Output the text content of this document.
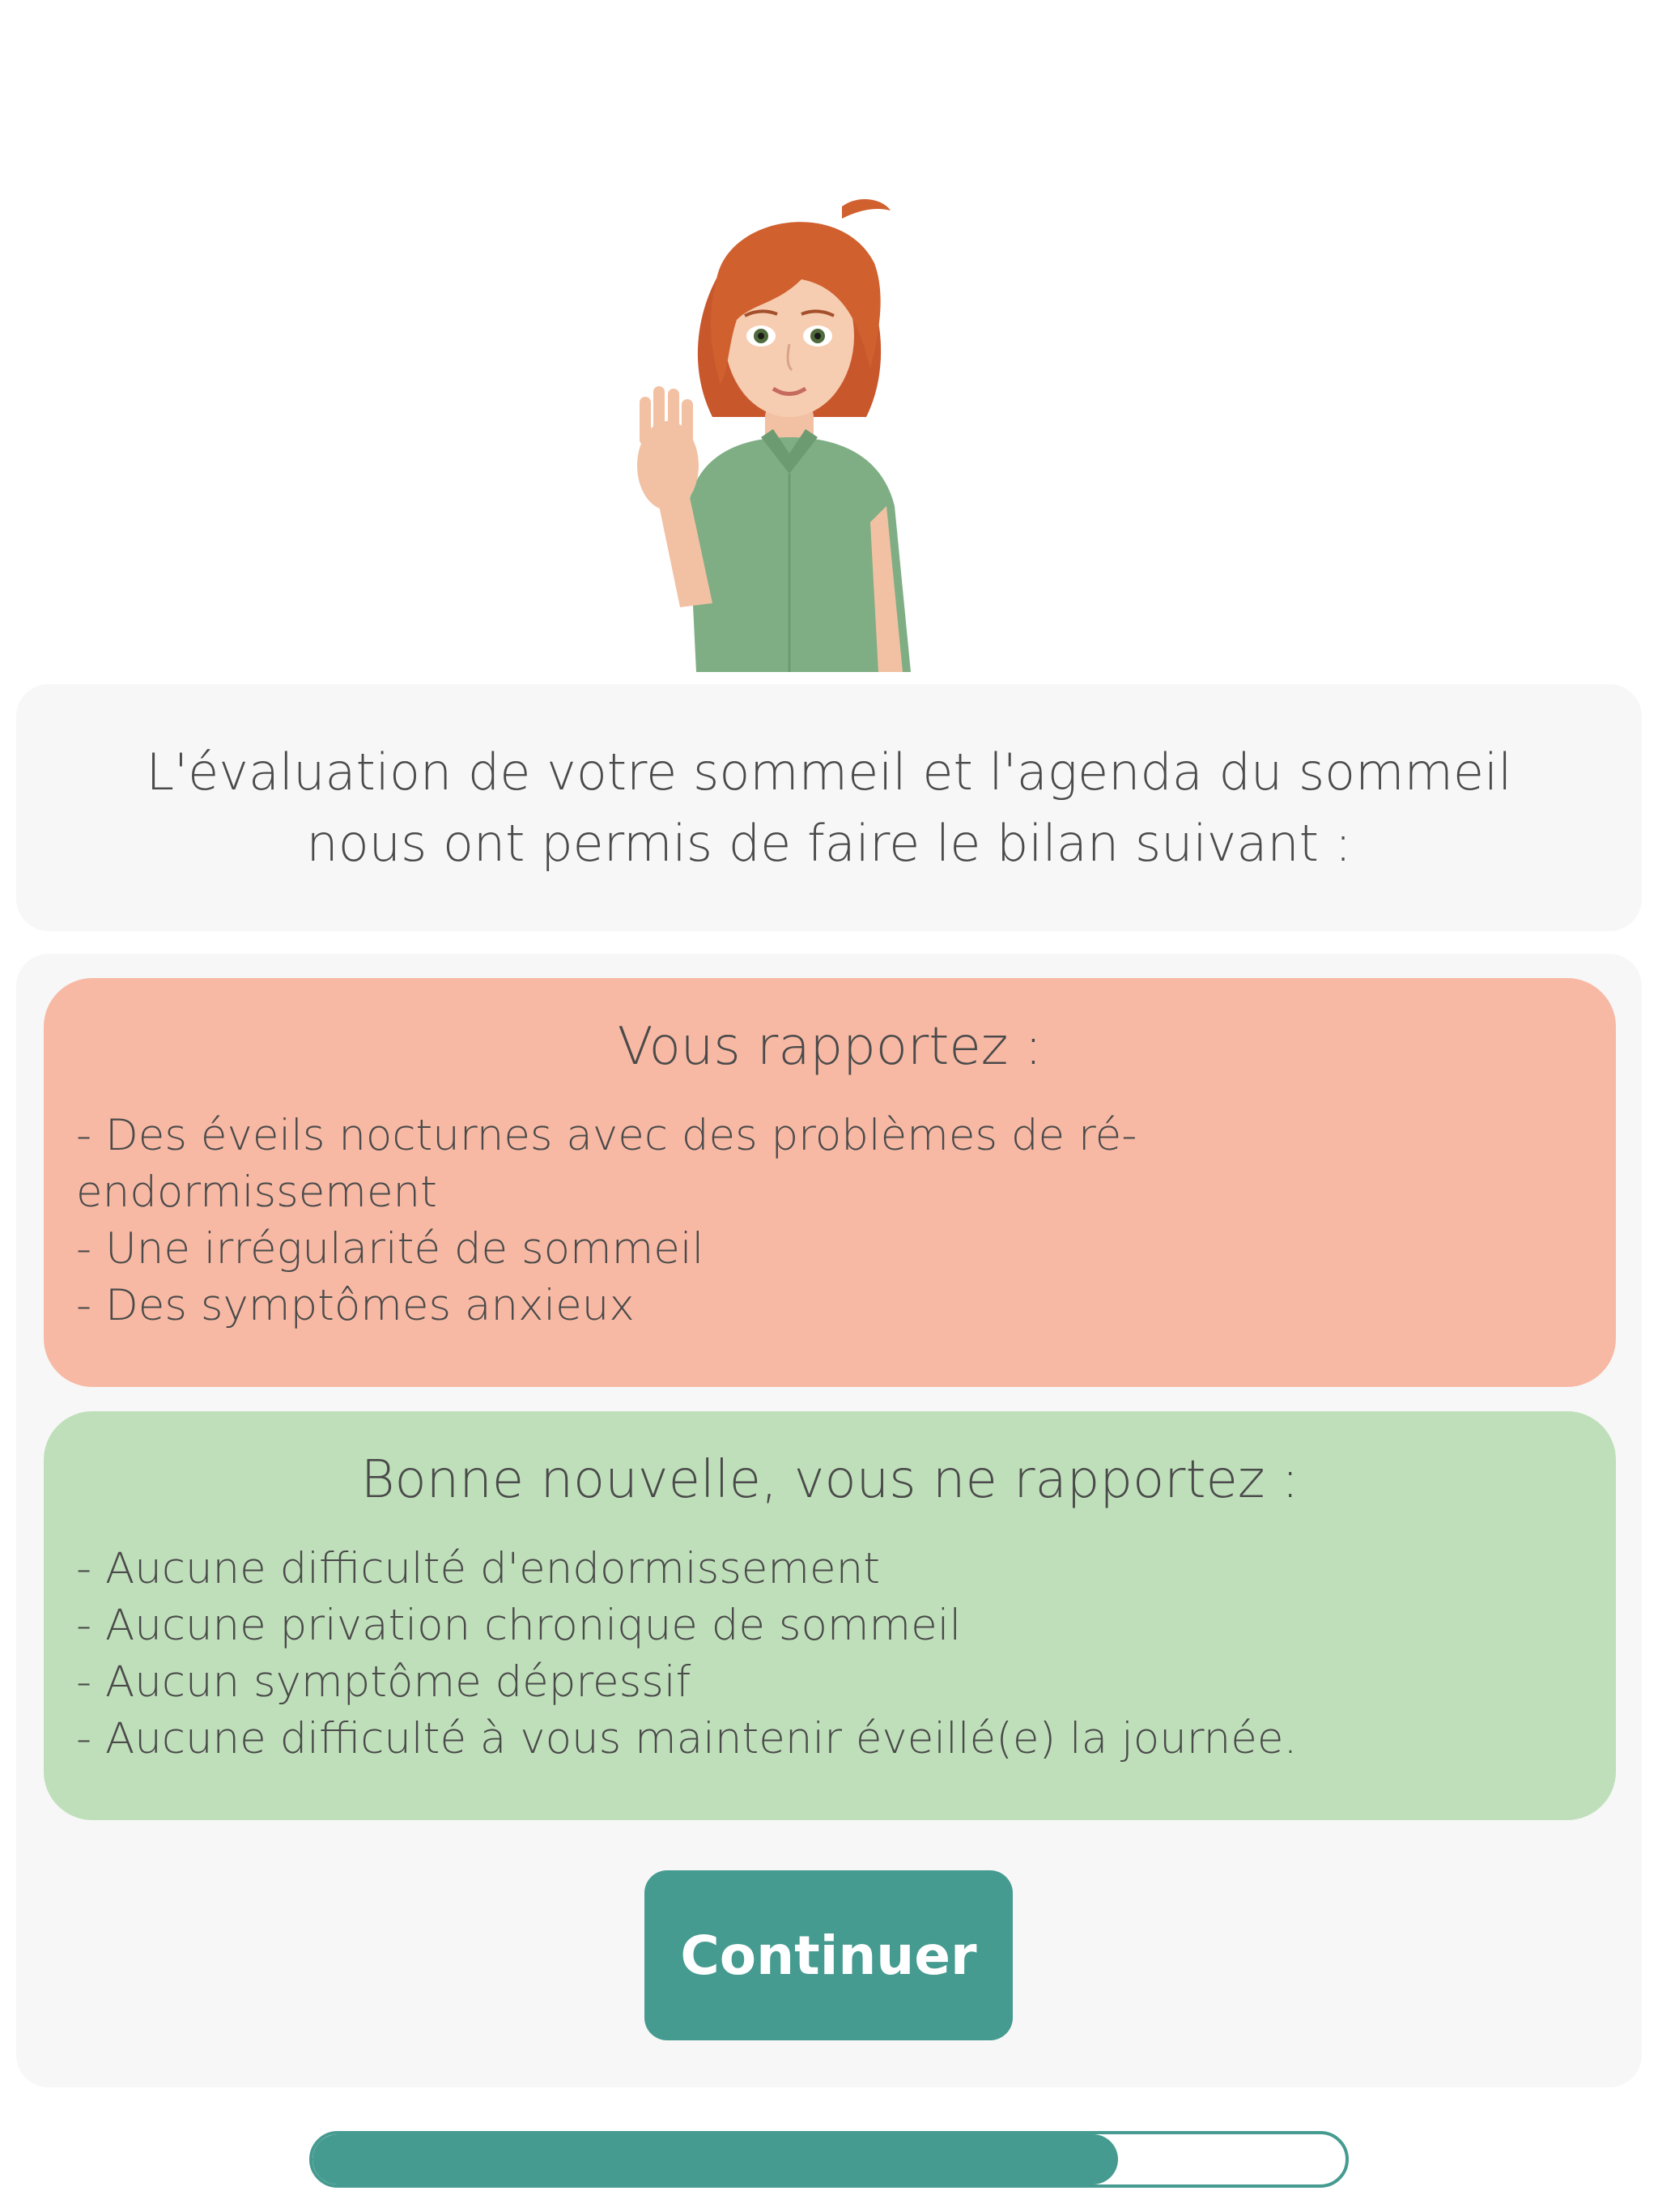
L'évaluation de votre sommeil et l'agenda du sommeil
nous ont permis de faire le bilan suivant :
Vous rapportez :
- Des éveils nocturnes avec des problèmes de ré-
endormissement
- Une irrégularité de sommeil
- Des symptômes anxieux
Bonne nouvelle, vous ne rapportez :
- Aucune difficulté d'endormissement
- Aucune privation chronique de sommeil
- Aucun symptôme dépressif
- Aucune difficulté à vous maintenir éveillé(e) la journée.
Continuer
